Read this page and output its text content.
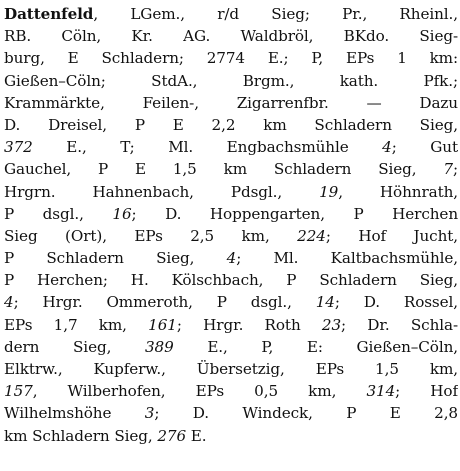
Dattenfeld, LGem., r/d Sieg; Pr., Rheinl.,
RB. Cöln, Kr. AG. Waldbröl, BKdo. Sieg-
burg, E Schladern; 2774 E.; P, EPs 1 km:
Gießen–Cöln; StdA., Brgm., kath. Pfk.;
Krammärkte, Feilen-, Zigarrenfbr. — Dazu
D. Dreisel, P E 2,2 km Schladern Sieg,
372 E., T; Ml. Engbachsmühle 4; Gut
Gauchel, P E 1,5 km Schladern Sieg, 7;
Hrgrn. Hahnenbach, Pdsgl., 19, Höhnrath,
P dsgl., 16; D. Hoppengarten, P Herchen
Sieg (Ort), EPs 2,5 km, 224; Hof Jucht,
P Schladern Sieg, 4; Ml. Kaltbachsmühle,
P Herchen; H. Kölschbach, P Schladern Sieg,
4; Hrgr. Ommeroth, P dsgl., 14; D. Rossel,
EPs 1,7 km, 161; Hrgr. Roth 23; Dr. Schla-
dern Sieg, 389 E., P, E: Gießen–Cöln,
Elktrw., Kupferw., Übersetzig, EPs 1,5 km,
157, Wilberhofen, EPs 0,5 km, 314; Hof
Wilhelmshöhe 3; D. Windeck, P E 2,8
km Schladern Sieg, 276 E.
